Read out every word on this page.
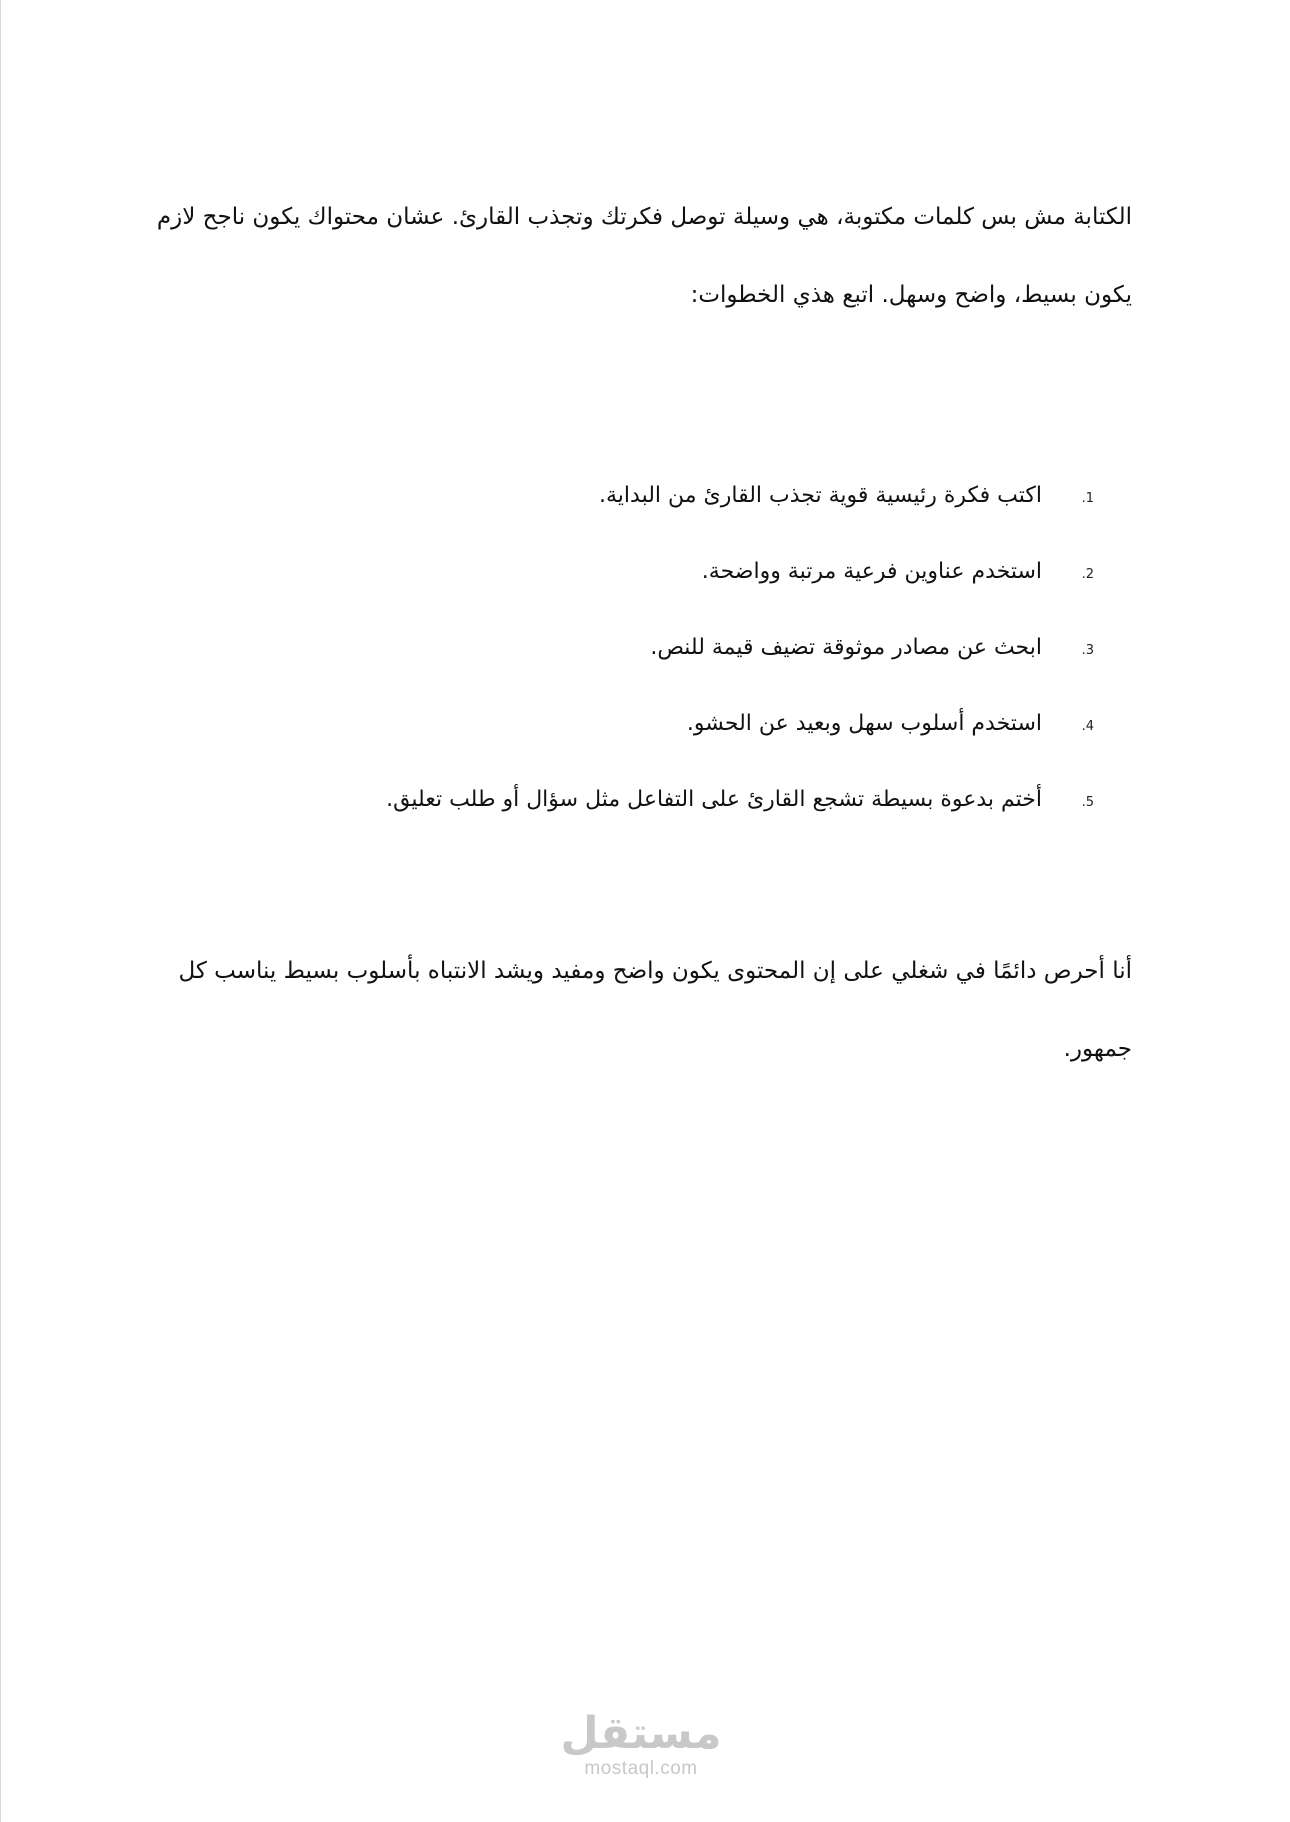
الكتابة مش بس كلمات مكتوبة، هي وسيلة توصل فكرتك وتجذب القارئ. عشان محتواك يكون ناجح لازم يكون بسيط، واضح وسهل. اتبع هذي الخطوات:

1.
اكتب فكرة رئيسية قوية تجذب القارئ من البداية.
2.
استخدم عناوين فرعية مرتبة وواضحة.
3.
ابحث عن مصادر موثوقة تضيف قيمة للنص.
4.
استخدم أسلوب سهل وبعيد عن الحشو.
5.
أختم بدعوة بسيطة تشجع القارئ على التفاعل مثل سؤال أو طلب تعليق.

أنا أحرص دائمًا في شغلي على إن المحتوى يكون واضح ومفيد ويشد الانتباه بأسلوب بسيط يناسب كل جمهور.

مستقل
mostaql.com
